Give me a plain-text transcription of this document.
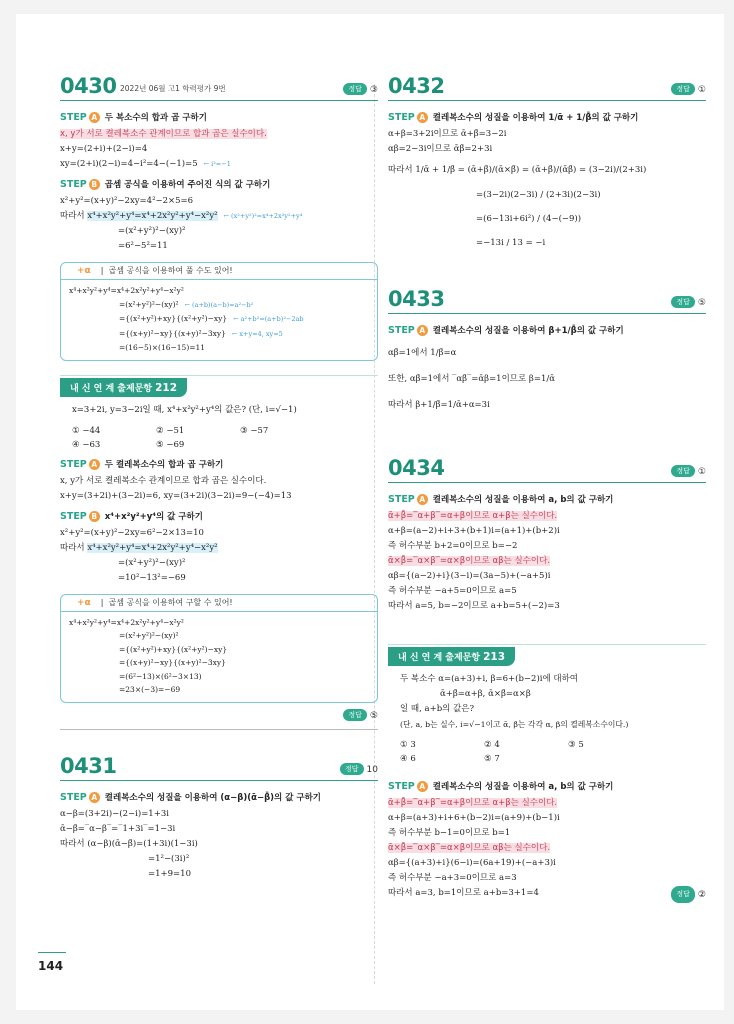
0430 2022년 06월 고1 학력평가 9번	정답 ③
STEP A 두 복소수의 합과 곱 구하기
x, y가 서로 켤레복소수 관계이므로 합과 곱은 실수이다.
x+y=(2+i)+(2−i)=4
xy=(2+i)(2−i)=4−i²=4−(−1)=5 ← i²=−1
STEP B 곱셈 공식을 이용하여 주어진 식의 값 구하기
x²+y²=(x+y)²−2xy=4²−2×5=6
따라서 x⁴+x²y²+y⁴=x⁴+2x²y²+y⁴−x²y² ← (x²+y²)²=x⁴+2x²y²+y⁴
=(x²+y²)²−(xy)²
=6²−5²=11
+α |  곱셈 공식을 이용하여 풀 수도 있어!
x⁴+x²y²+y⁴=x⁴+2x²y²+y⁴−x²y²
=(x²+y²)²−(xy)² ← (a+b)(a−b)=a²−b²
={(x²+y²)+xy}{(x²+y²)−xy} ← a²+b²=(a+b)²−2ab
={(x+y)²−xy}{(x+y)²−3xy} ← x+y=4, xy=5
=(16−5)×(16−15)=11
내 신 연 계 출제문항 212
x=3+2i, y=3−2i일 때, x⁴+x²y²+y⁴의 값은? (단, i=√−1)
① −44	② −51	③ −57
④ −63	⑤ −69
STEP A 두 켤레복소수의 합과 곱 구하기
x, y가 서로 켤레복소수 관계이므로 합과 곱은 실수이다.
x+y=(3+2i)+(3−2i)=6, xy=(3+2i)(3−2i)=9−(−4)=13
STEP B x⁴+x²y²+y⁴의 값 구하기
x²+y²=(x+y)²−2xy=6²−2×13=10
따라서 x⁴+x²y²+y⁴=x⁴+2x²y²+y⁴−x²y²
=(x²+y²)²−(xy)²
=10²−13²=−69
+α |  곱셈 공식을 이용하여 구할 수 있어!
x⁴+x²y²+y⁴=x⁴+2x²y²+y⁴−x²y²
=(x²+y²)²−(xy)²
={(x²+y²)+xy}{(x²+y²)−xy}
={(x+y)²−xy}{(x+y)²−3xy}
=(6²−13)×(6²−3×13)
=23×(−3)=−69
정답 ⑤
0431	정답 10
STEP A 켤레복소수의 성질을 이용하여 (α−β)(ᾱ−β̄)의 값 구하기
α−β=(3+2i)−(2−i)=1+3i
ᾱ−β̄=‾α−β‾=‾1+3i‾=1−3i
따라서 (α−β)(ᾱ−β̄)=(1+3i)(1−3i)
=1²−(3i)²
=1+9=10
0432	정답 ①
STEP A 켤레복소수의 성질을 이용하여 1/ᾱ + 1/β̄의 값 구하기
α+β=3+2i이므로 ᾱ+β̄=3−2i
αβ=2−3i이므로 ᾱβ̄=2+3i
따라서 1/ᾱ + 1/β̄ = (ᾱ+β̄)/(ᾱ×β̄) = (ᾱ+β̄)/(ᾱβ̄) = (3−2i)/(2+3i)
=(3−2i)(2−3i) / (2+3i)(2−3i)
=(6−13i+6i²) / (4−(−9))
=−13i / 13 = −i
0433	정답 ⑤
STEP A 켤레복소수의 성질을 이용하여 β+1/β̄의 값 구하기
αβ̄=1에서 1/β̄=α
또한, αβ̄=1에서 ‾αβ̄‾=ᾱβ=1이므로 β=1/ᾱ
따라서 β+1/β̄=1/ᾱ+α=3i
0434	정답 ①
STEP A 켤레복소수의 성질을 이용하여 a, b의 값 구하기
ᾱ+β̄=‾α+β‾=α+β이므로 α+β는 실수이다.
α+β=(a−2)+i+3+(b+1)i=(a+1)+(b+2)i
즉 허수부분 b+2=0이므로 b=−2
ᾱ×β̄=‾α×β‾=α×β이므로 αβ는 실수이다.
αβ={(a−2)+i}(3−i)=(3a−5)+(−a+5)i
즉 허수부분 −a+5=0이므로 a=5
따라서 a=5, b=−2이므로 a+b=5+(−2)=3
내 신 연 계 출제문항 213
두 복소수 α=(a+3)+i, β=6+(b−2)i에 대하여
ᾱ+β̄=α+β, ᾱ×β̄=α×β
일 때, a+b의 값은?
(단, a, b는 실수, i=√−1이고 ᾱ, β̄는 각각 α, β의 켤레복소수이다.)
① 3	② 4	③ 5
④ 6	⑤ 7
STEP A 켤레복소수의 성질을 이용하여 a, b의 값 구하기
ᾱ+β̄=‾α+β‾=α+β이므로 α+β는 실수이다.
α+β=(a+3)+i+6+(b−2)i=(a+9)+(b−1)i
즉 허수부분 b−1=0이므로 b=1
ᾱ×β̄=‾α×β‾=α×β이므로 αβ는 실수이다.
αβ={(a+3)+i}(6−i)=(6a+19)+(−a+3)i
즉 허수부분 −a+3=0이므로 a=3
따라서 a=3, b=1이므로 a+b=3+1=4	정답 ②
144
